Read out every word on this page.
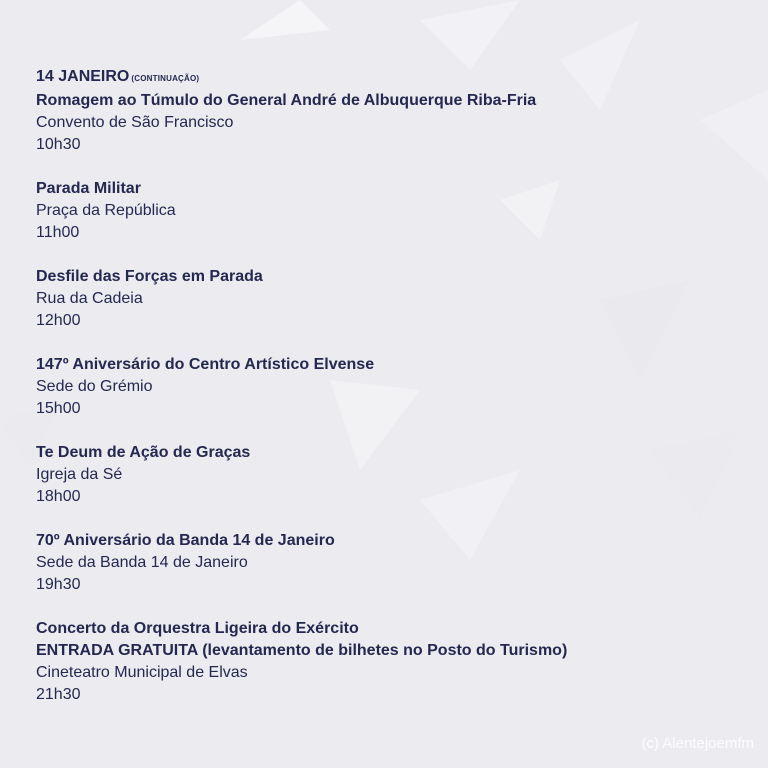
14 JANEIRO (CONTINUAÇÃO)
Romagem ao Túmulo do General André de Albuquerque Riba-Fria
Convento de São Francisco
10h30
Parada Militar
Praça da República
11h00
Desfile das Forças em Parada
Rua da Cadeia
12h00
147º Aniversário do Centro Artístico Elvense
Sede do Grémio
15h00
Te Deum de Ação de Graças
Igreja da Sé
18h00
70º Aniversário da Banda 14 de Janeiro
Sede da Banda 14 de Janeiro
19h30
Concerto da Orquestra Ligeira do Exército
ENTRADA GRATUITA (levantamento de bilhetes no Posto do Turismo)
Cineteatro Municipal de Elvas
21h30
(c) Alentejoemfm
